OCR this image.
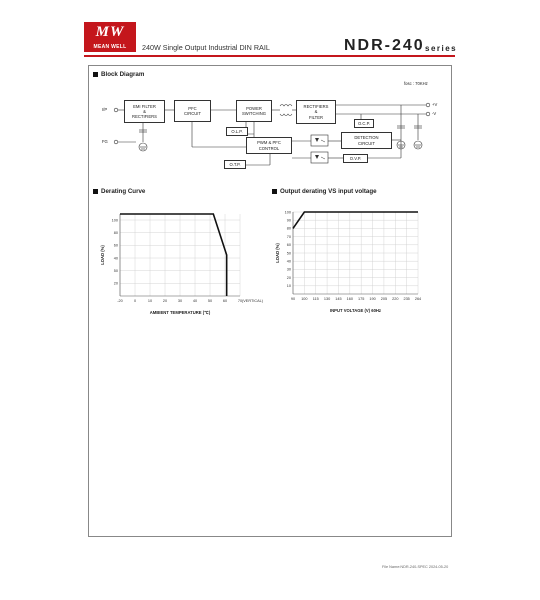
MW
MEAN WELL	240W Single Output Industrial DIN RAIL	NDR-240 series
Block Diagram
fosc : 70KHz
I/P
FG
+V
-V
EMI FILTER
&
RECTIFIERS
PFC
CIRCUIT
POWER
SWITCHING
RECTIFIERS
&
FILTER
O.L.P.
O.C.P.
PWM & PFC
CONTROL
DETECTION
CIRCUIT
O.T.P.
O.V.P.
Derating Curve
-20	0	10	20	30	40	50	60	70
100
80
60
40
50
20
(VERTICAL)
AMBIENT TEMPERATURE (℃)
LOAD (%)
Output derating VS input voltage
90 100 115 130 145 160 175 190 205 220 235 264
100
90
80
70
60
50
40
30
20
10
INPUT VOLTAGE (V) 60Hz
LOAD (%)
File Name:NDR-240-SPEC 2024-05-20
